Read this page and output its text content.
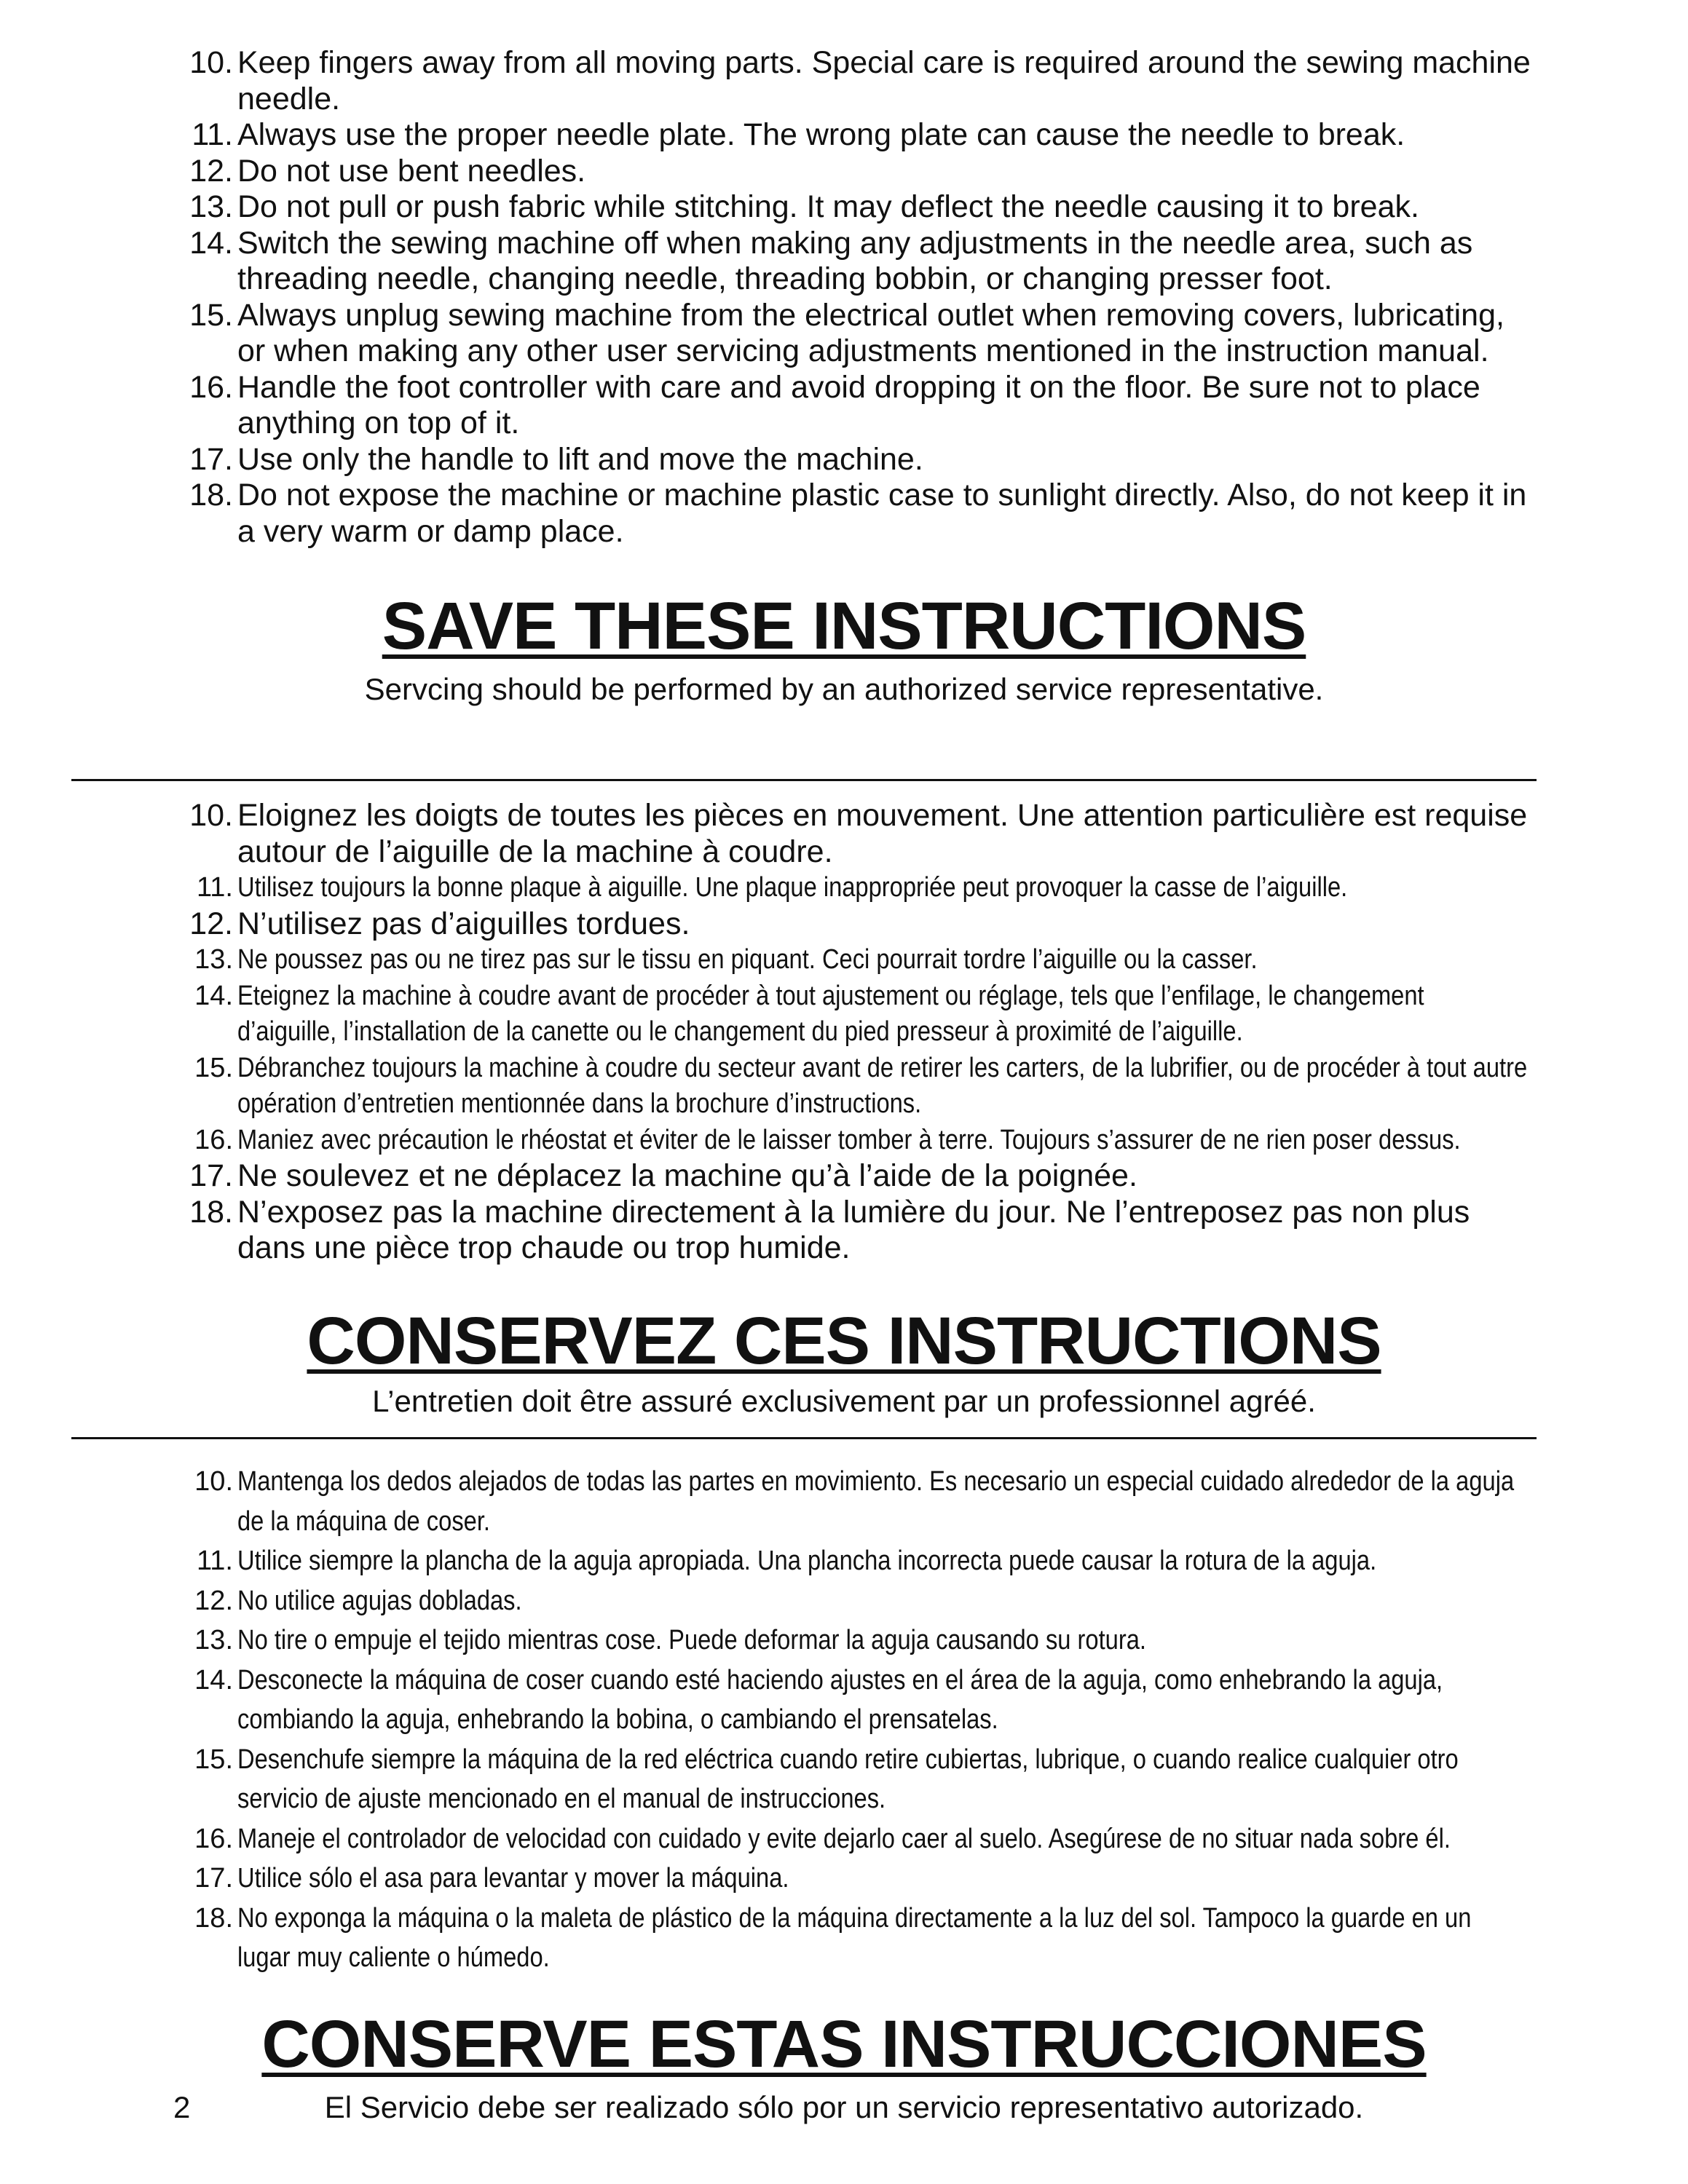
10. Keep fingers away from all moving parts. Special care is required around the sewing machine needle.
11. Always use the proper needle plate. The wrong plate can cause the needle to break.
12. Do not use bent needles.
13. Do not pull or push fabric while stitching. It may deflect the needle causing it to break.
14. Switch the sewing machine off when making any adjustments in the needle area, such as threading needle, changing needle, threading bobbin, or changing presser foot.
15. Always unplug sewing machine from the electrical outlet when removing covers, lubricating, or when making any other user servicing adjustments mentioned in the instruction manual.
16. Handle the foot controller with care and avoid dropping it on the floor. Be sure not to place anything on top of it.
17. Use only the handle to lift and move the machine.
18. Do not expose the machine or machine plastic case to sunlight directly. Also, do not keep it in a very warm or damp place.
SAVE THESE INSTRUCTIONS

Servcing should be performed by an authorized service representative.

10. Eloignez les doigts de toutes les pièces en mouvement. Une attention particulière est requise autour de l’aiguille de la machine à coudre.
11. Utilisez toujours la bonne plaque à aiguille. Une plaque inappropriée peut provoquer la casse de l’aiguille.
12. N’utilisez pas d’aiguilles tordues.
13. Ne poussez pas ou ne tirez pas sur le tissu en piquant. Ceci pourrait tordre l’aiguille ou la casser.
14. Eteignez la machine à coudre avant de procéder à tout ajustement ou réglage, tels que l’enfilage, le changement d’aiguille, l’installation de la canette ou le changement du pied presseur à proximité de l’aiguille.
15. Débranchez toujours la machine à coudre du secteur avant de retirer les carters, de la lubrifier, ou de procéder à tout autre opération d’entretien mentionnée dans la brochure d’instructions.
16. Maniez avec précaution le rhéostat et éviter de le laisser tomber à terre. Toujours s’assurer de ne rien poser dessus.
17. Ne soulevez et ne déplacez la machine qu’à l’aide de la poignée.
18. N’exposez pas la machine directement à la lumière du jour. Ne l’entreposez pas non plus dans une pièce trop chaude ou trop humide.
CONSERVEZ CES INSTRUCTIONS

L’entretien doit être assuré exclusivement par un professionnel agréé.

10. Mantenga los dedos alejados de todas las partes en movimiento. Es necesario un especial cuidado alrededor de la aguja de la máquina de coser.
11. Utilice siempre la plancha de la aguja apropiada. Una plancha incorrecta puede causar la rotura de la aguja.
12. No utilice agujas dobladas.
13. No tire o empuje el tejido mientras cose. Puede deformar la aguja causando su rotura.
14. Desconecte la máquina de coser cuando esté haciendo ajustes en el área de la aguja, como enhebrando la aguja, combiando la aguja, enhebrando la bobina, o cambiando el prensatelas.
15. Desenchufe siempre la máquina de la red eléctrica cuando retire cubiertas, lubrique, o cuando realice cualquier otro servicio de ajuste mencionado en el manual de instrucciones.
16. Maneje el controlador de velocidad con cuidado y evite dejarlo caer al suelo. Asegúrese de no situar nada sobre él.
17. Utilice sólo el asa para levantar y mover la máquina.
18. No exponga la máquina o la maleta de plástico de la máquina directamente a la luz del sol. Tampoco la guarde en un lugar muy caliente o húmedo.
CONSERVE ESTAS INSTRUCCIONES

El Servicio debe ser realizado sólo por un servicio representativo autorizado.

2
